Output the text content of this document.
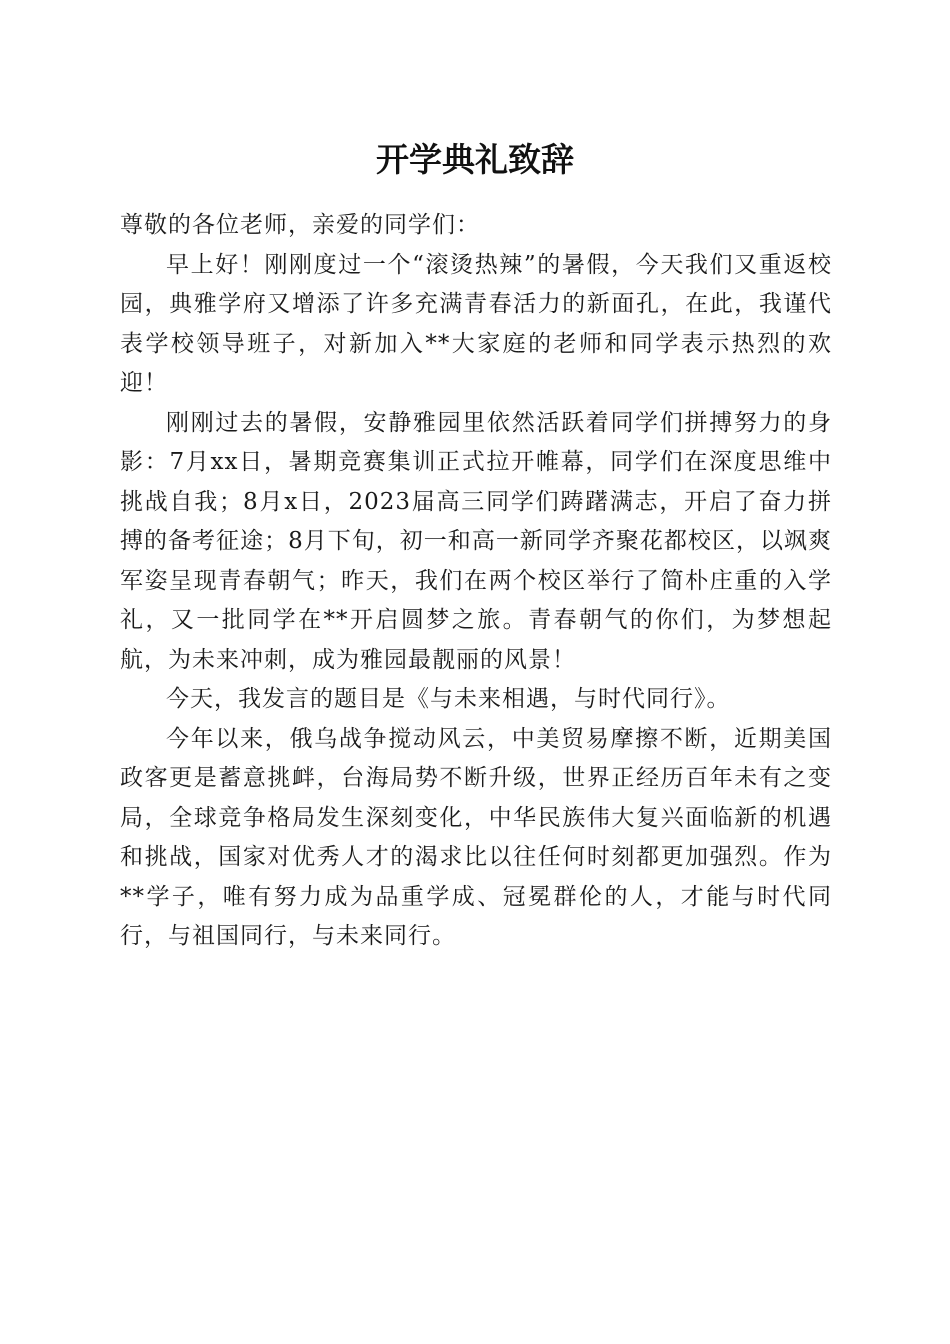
开学典礼致辞

尊敬的各位老师，亲爱的同学们：

早上好！刚刚度过一个“滚烫热辣”的暑假，今天我们又重返校园，典雅学府又增添了许多充满青春活力的新面孔，在此，我谨代表学校领导班子，对新加入**大家庭的老师和同学表示热烈的欢迎！

刚刚过去的暑假，安静雅园里依然活跃着同学们拼搏努力的身影：7月xx日，暑期竞赛集训正式拉开帷幕，同学们在深度思维中挑战自我；8月x日，2023届高三同学们踌躇满志，开启了奋力拼搏的备考征途；8月下旬，初一和高一新同学齐聚花都校区，以飒爽军姿呈现青春朝气；昨天，我们在两个校区举行了简朴庄重的入学礼，又一批同学在**开启圆梦之旅。青春朝气的你们，为梦想起航，为未来冲刺，成为雅园最靓丽的风景！

今天，我发言的题目是《与未来相遇，与时代同行》。

今年以来，俄乌战争搅动风云，中美贸易摩擦不断，近期美国政客更是蓄意挑衅，台海局势不断升级，世界正经历百年未有之变局，全球竞争格局发生深刻变化，中华民族伟大复兴面临新的机遇和挑战，国家对优秀人才的渴求比以往任何时刻都更加强烈。作为**学子，唯有努力成为品重学成、冠冕群伦的人，才能与时代同行，与祖国同行，与未来同行。
